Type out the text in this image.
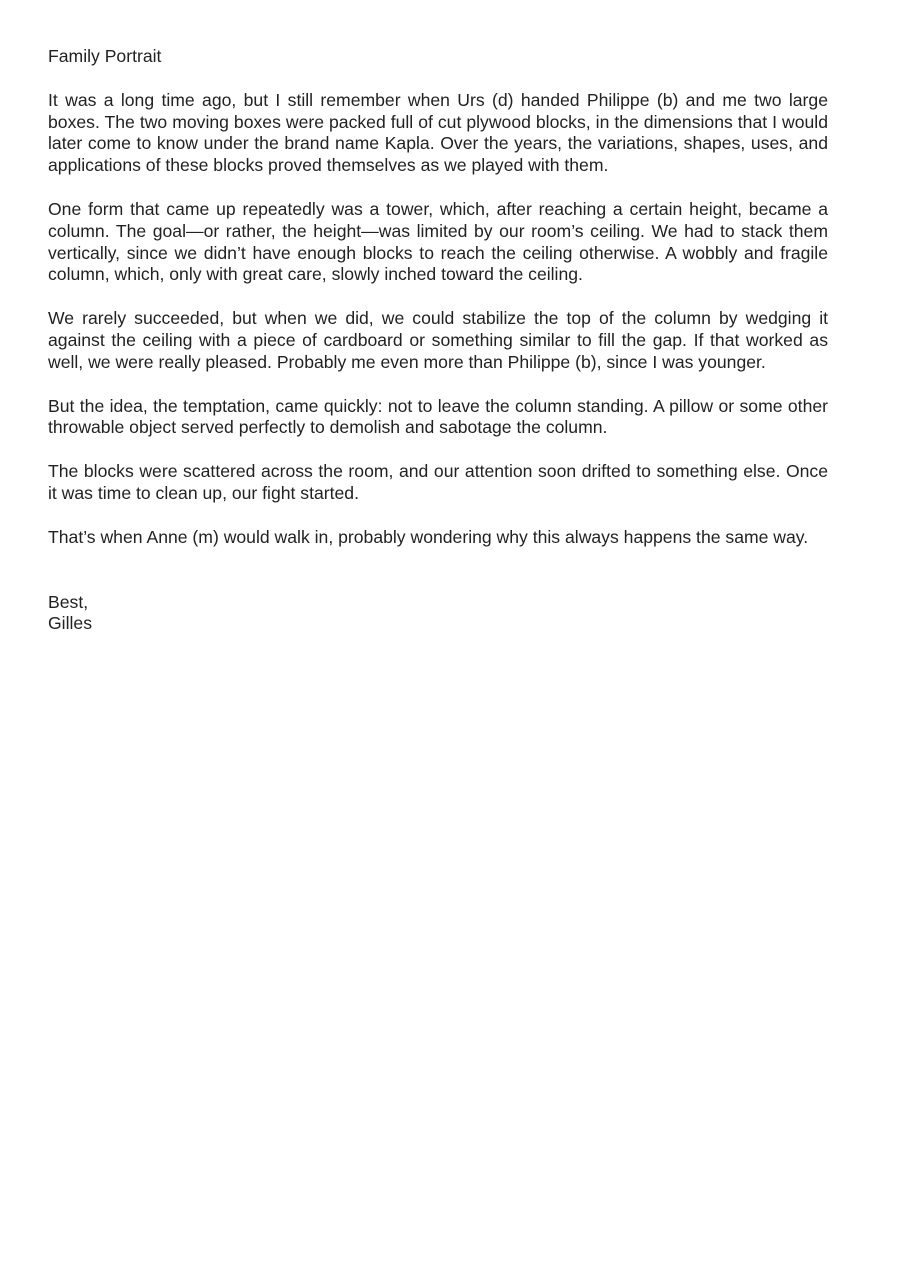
Family Portrait

It was a long time ago, but I still remember when Urs (d) handed Philippe (b) and me two large boxes. The two moving boxes were packed full of cut plywood blocks, in the dimensions that I would later come to know under the brand name Kapla. Over the years, the variations, shapes, uses, and applications of these blocks proved themselves as we played with them.

One form that came up repeatedly was a tower, which, after reaching a certain height, became a column. The goal—or rather, the height—was limited by our room’s ceiling. We had to stack them vertically, since we didn’t have enough blocks to reach the ceiling otherwise. A wobbly and fragile column, which, only with great care, slowly inched toward the ceiling.

We rarely succeeded, but when we did, we could stabilize the top of the column by wedging it against the ceiling with a piece of cardboard or something similar to fill the gap. If that worked as well, we were really pleased. Probably me even more than Philippe (b), since I was younger.

But the idea, the temptation, came quickly: not to leave the column standing. A pillow or some other throwable object served perfectly to demolish and sabotage the column.

The blocks were scattered across the room, and our attention soon drifted to something else. Once it was time to clean up, our fight started.

That’s when Anne (m) would walk in, probably wondering why this always happens the same way.

Best,
Gilles
